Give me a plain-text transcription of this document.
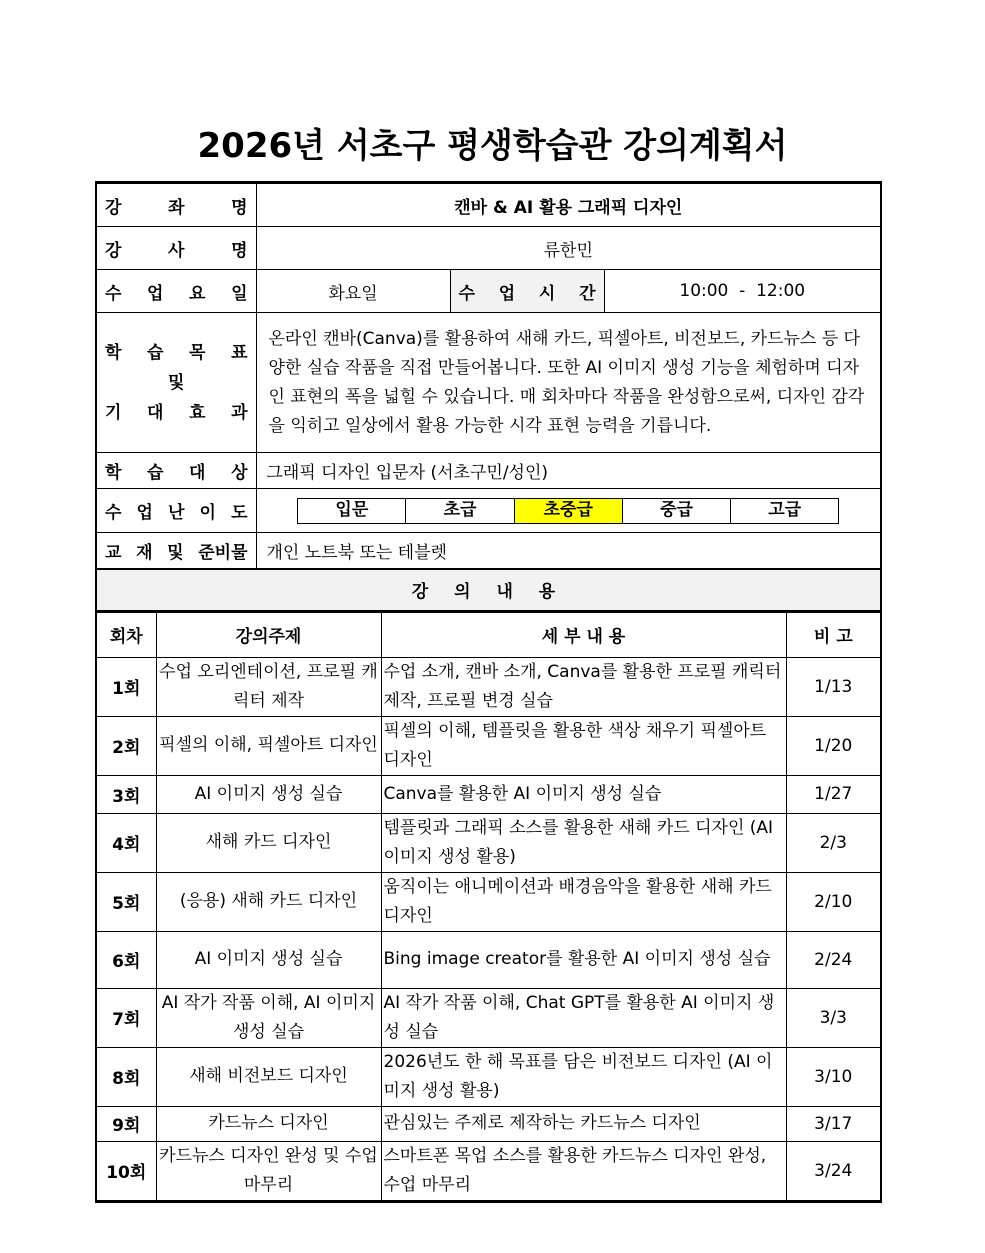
2026년 서초구 평생학습관 강의계획서
강 좌 명	캔바 & AI 활용 그래픽 디자인		

강 사 명	류한민		

수 업 요 일	화요일	수 업 시 간	10:00  -  12:00

학 습 목 표
및
기 대 효 과	온라인 캔바(Canva)를 활용하여 새해 카드, 픽셀아트, 비전보드, 카드뉴스 등 다양한 실습 작품을 직접 만들어봅니다. 또한 AI 이미지 생성 기능을 체험하며 디자인 표현의 폭을 넓힐 수 있습니다. 매 회차마다 작품을 완성함으로써, 디자인 감각을 익히고 일상에서 활용 가능한 시각 표현 능력을 기릅니다.		

학 습 대 상	그래픽 디자인 입문자 (서초구민/성인)		

수 업 난 이 도	입문 초급 초중급 중급 고급		

교 재 및 준비물	개인 노트북 또는 테블렛		
강 의 내 용			
회차	강의주제	세 부 내 용	비 고
1회	수업 오리엔테이션, 프로필 캐릭터 제작	수업 소개, 캔바 소개, Canva를 활용한 프로필 캐릭터 제작, 프로필 변경 실습	1/13
2회	픽셀의 이해, 픽셀아트 디자인	픽셀의 이해, 템플릿을 활용한 색상 채우기 픽셀아트 디자인	1/20
3회	AI 이미지 생성 실습	Canva를 활용한 AI 이미지 생성 실습	1/27
4회	새해 카드 디자인	템플릿과 그래픽 소스를 활용한 새해 카드 디자인 (AI 이미지 생성 활용)	2/3
5회	(응용) 새해 카드 디자인	움직이는 애니메이션과 배경음악을 활용한 새해 카드 디자인	2/10
6회	AI 이미지 생성 실습	Bing image creator를 활용한 AI 이미지 생성 실습	2/24
7회	AI 작가 작품 이해, AI 이미지 생성 실습	AI 작가 작품 이해, Chat GPT를 활용한 AI 이미지 생성 실습	3/3
8회	새해 비전보드 디자인	2026년도 한 해 목표를 담은 비전보드 디자인 (AI 이미지 생성 활용)	3/10
9회	카드뉴스 디자인	관심있는 주제로 제작하는 카드뉴스 디자인	3/17
10회	카드뉴스 디자인 완성 및 수업 마무리	스마트폰 목업 소스를 활용한 카드뉴스 디자인 완성, 수업 마무리	3/24
